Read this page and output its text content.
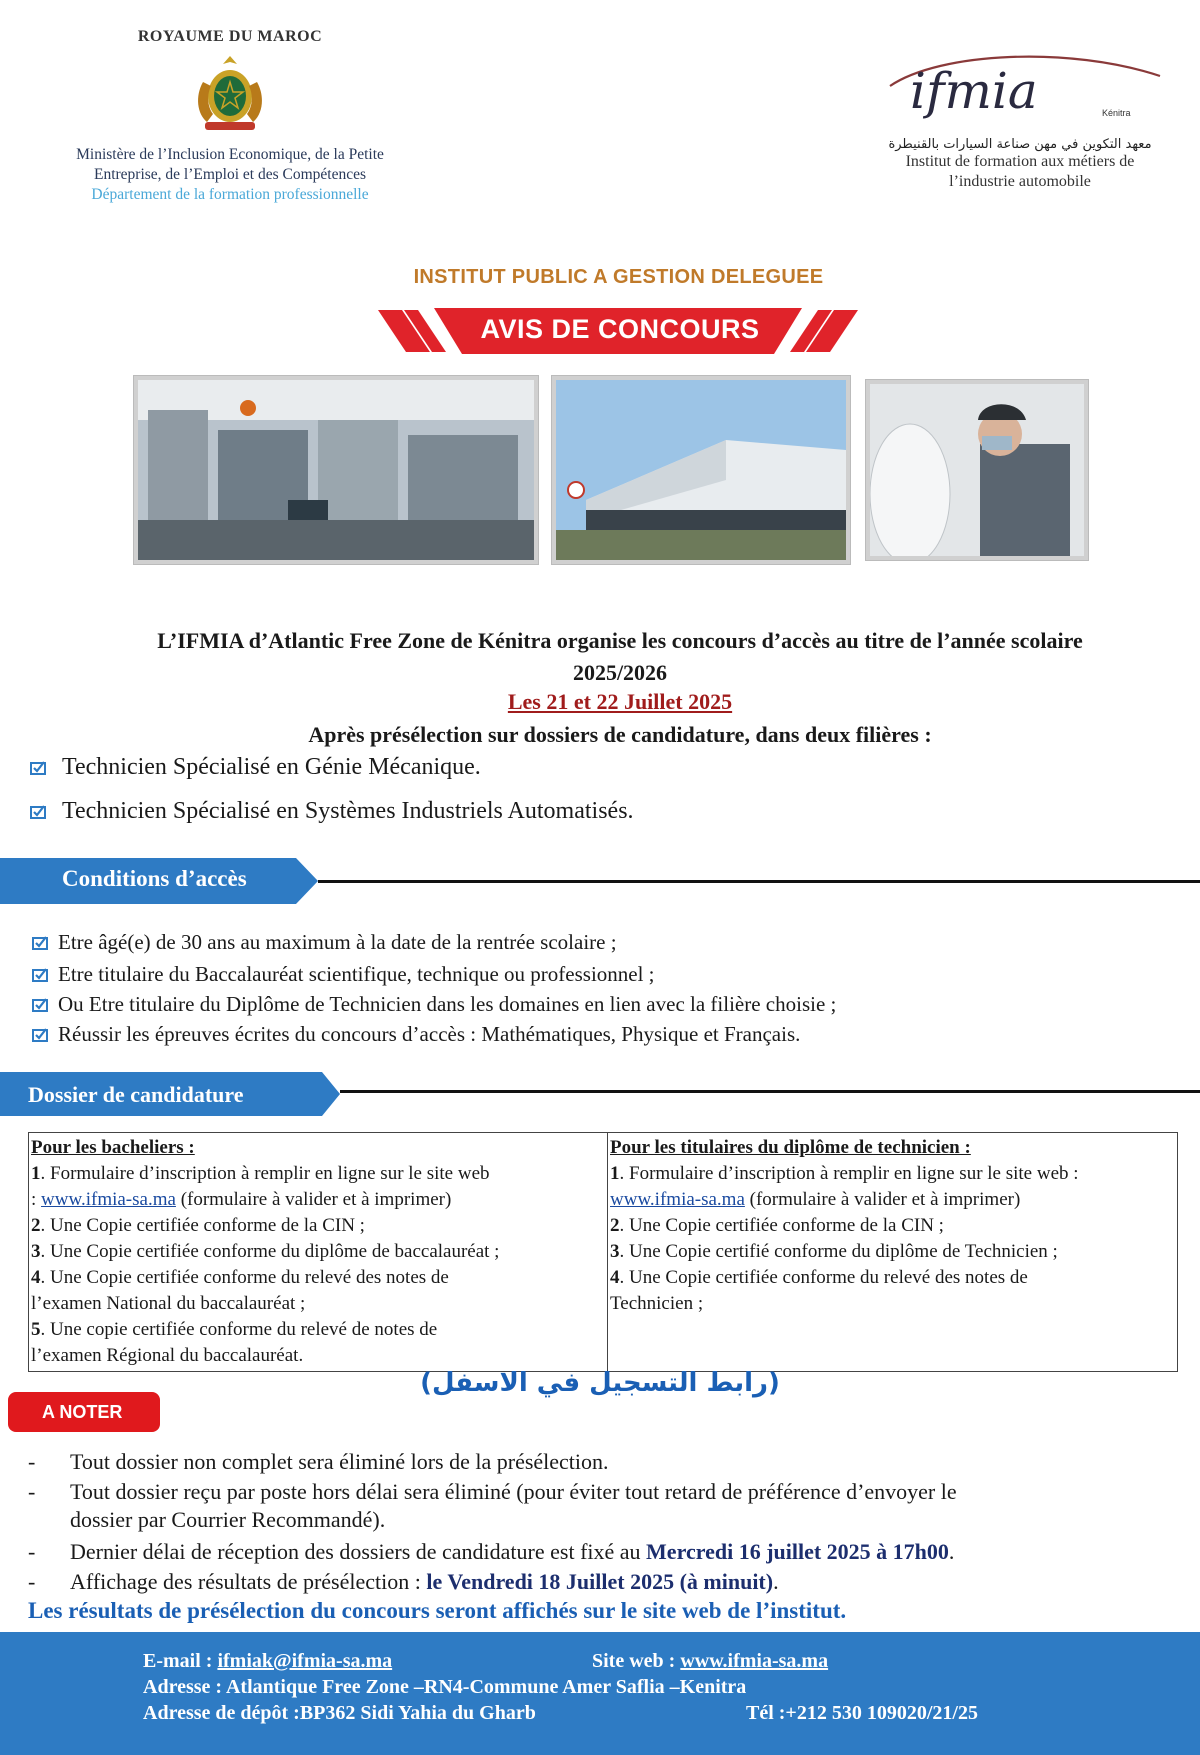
ROYAUME DU MAROC
Ministère de l’Inclusion Economique, de la Petite
Entreprise, de l’Emploi et des Compétences
Département de la formation professionnelle
ifmia	Kénitra
معهد التكوين في مهن صناعة السيارات بالقنيطرة
Institut de formation aux métiers de
l’industrie automobile
INSTITUT PUBLIC A GESTION DELEGUEE
AVIS DE CONCOURS
L’IFMIA d’Atlantic Free Zone de Kénitra organise les concours d’accès au titre de l’année scolaire
2025/2026
Les 21 et 22 Juillet 2025
Après présélection sur dossiers de candidature, dans deux filières :
Technicien Spécialisé en Génie Mécanique.
Technicien Spécialisé en Systèmes Industriels Automatisés.
Conditions d’accès
Etre âgé(e) de 30 ans au maximum à la date de la rentrée scolaire ;
Etre titulaire du Baccalauréat scientifique, technique ou professionnel ;
Ou Etre titulaire du Diplôme de Technicien dans les domaines en lien avec la filière choisie ;
Réussir les épreuves écrites du concours d’accès : Mathématiques, Physique et Français.
Dossier de candidature
Pour les bacheliers :
1. Formulaire d’inscription à remplir en ligne sur le site web
: www.ifmia-sa.ma (formulaire à valider et à imprimer)
2. Une Copie certifiée conforme de la CIN ;
3. Une Copie certifiée conforme du diplôme de baccalauréat ;
4. Une Copie certifiée conforme du relevé des notes de
l’examen National du baccalauréat ;
5. Une copie certifiée conforme du relevé de notes de
l’examen Régional du baccalauréat.

Pour les titulaires du diplôme de technicien :
1. Formulaire d’inscription à remplir en ligne sur le site web :
www.ifmia-sa.ma (formulaire à valider et à imprimer)
2. Une Copie certifiée conforme de la CIN ;
3. Une Copie certifié conforme du diplôme de Technicien ;
4. Une Copie certifiée conforme du relevé des notes de
Technicien ;
(رابط التسجيل في الاسفل)
A NOTER
-	Tout dossier non complet sera éliminé lors de la présélection.
-	Tout dossier reçu par poste hors délai sera éliminé (pour éviter tout retard de préférence d’envoyer le
dossier par Courrier Recommandé).
-	Dernier délai de réception des dossiers de candidature est fixé au Mercredi 16 juillet 2025 à 17h00.
-	Affichage des résultats de présélection : le Vendredi 18 Juillet 2025 (à minuit).
Les résultats de présélection du concours seront affichés sur le site web de l’institut.
E-mail : ifmiak@ifmia-sa.ma	Site web : www.ifmia-sa.ma
Adresse : Atlantique Free Zone –RN4-Commune Amer Saflia –Kenitra
Adresse de dépôt :BP362 Sidi Yahia du Gharb	Tél :+212 530 109020/21/25
